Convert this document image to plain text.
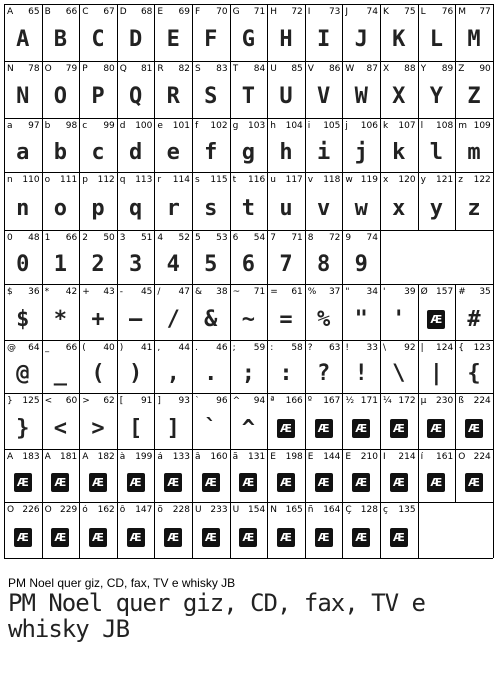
A 65
A
B 66
B
C 67
C
D 68
D
E 69
E
F 70
F
G 71
G
H 72
H
I 73
I
J 74
J
K 75
K
L 76
L
M 77
M
N 78
N
O 79
O
P 80
P
Q 81
Q
R 82
R
S 83
S
T 84
T
U 85
U
V 86
V
W 87
W
X 88
X
Y 89
Y
Z 90
Z
a 97
a
b 98
b
c 99
c
d 100
d
e 101
e
f 102
f
g 103
g
h 104
h
i 105
i
j 106
j
k 107
k
l 108
l
m 109
m
n 110
n
o 111
o
p 112
p
q 113
q
r 114
r
s 115
s
t 116
t
u 117
u
v 118
v
w 119
w
x 120
x
y 121
y
z 122
z
0 48
0
1 66
1
2 50
2
3 51
3
4 52
4
5 53
5
6 54
6
7 71
7
8 72
8
9 74
9
$ 36
$
* 42
*
+ 43
+
- 45
–
/ 47
/
& 38
&
~ 71
~
= 61
=
% 37
%
" 34
"
' 39
'
Ø 157
Æ
# 35
#
@ 64
@
_ 66
_
( 40
(
) 41
)
, 44
,
. 46
.
; 59
;
: 58
:
? 63
?
! 33
!
\ 92
\
| 124
|
{ 123
{
} 125
}
< 60
<
> 62
>
[ 91
[
] 93
]
` 96
`
^ 94
^
ª 166
Æ
º 167
Æ
½ 171
Æ
¼ 172
Æ
µ 230
Æ
ß 224
Æ
À 183
Æ
Á 181
Æ
Â 182
Æ
à 199
Æ
á 133
Æ
â 160
Æ
ã 131
Æ
È 198
Æ
É 144
Æ
Ê 210
Æ
Ì 214
Æ
í 161
Æ
Ó 224
Æ
Ô 226
Æ
Õ 229
Æ
ó 162
Æ
ô 147
Æ
õ 228
Æ
Ú 233
Æ
Ü 154
Æ
Ñ 165
Æ
ñ 164
Æ
Ç 128
Æ
ç 135
Æ
PM Noel quer giz, CD, fax, TV e whisky JB
PM Noel quer giz, CD, fax, TV e whisky JB
